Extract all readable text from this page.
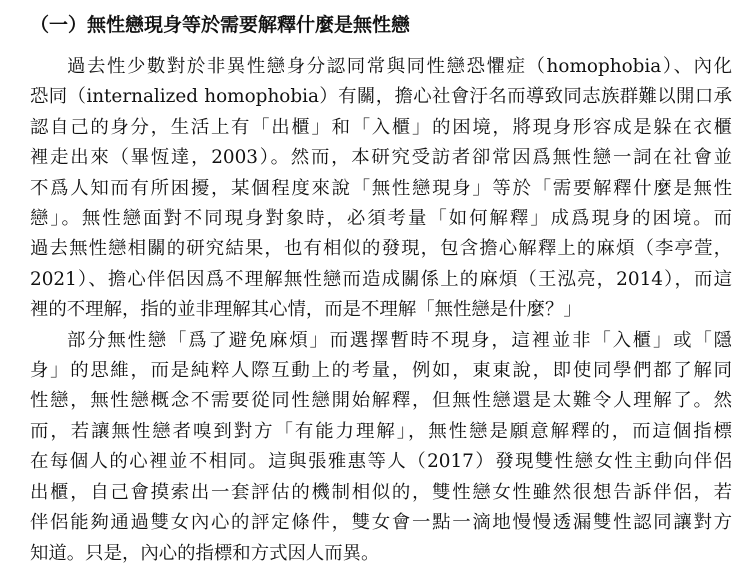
（一）無性戀現身等於需要解釋什麼是無性戀

過去性少數對於非異性戀身分認同常與同性戀恐懼症（homophobia）、內化
恐同（internalized homophobia）有關，擔心社會汙名而導致同志族群難以開口承
認自己的身分，生活上有「出櫃」和「入櫃」的困境，將現身形容成是躲在衣櫃
裡走出來（畢恆達，2003）。然而，本研究受訪者卻常因爲無性戀一詞在社會並
不爲人知而有所困擾，某個程度來說「無性戀現身」等於「需要解釋什麼是無性
戀」。無性戀面對不同現身對象時，必須考量「如何解釋」成爲現身的困境。而
過去無性戀相關的研究結果，也有相似的發現，包含擔心解釋上的麻煩（李亭萱，
2021）、擔心伴侶因爲不理解無性戀而造成關係上的麻煩（王泓亮，2014），而這
裡的不理解，指的並非理解其心情，而是不理解「無性戀是什麼？」

部分無性戀「爲了避免麻煩」而選擇暫時不現身，這裡並非「入櫃」或「隱
身」的思維，而是純粹人際互動上的考量，例如，東東說，即使同學們都了解同
性戀，無性戀概念不需要從同性戀開始解釋，但無性戀還是太難令人理解了。然
而，若讓無性戀者嗅到對方「有能力理解」，無性戀是願意解釋的，而這個指標
在每個人的心裡並不相同。這與張雅惠等人（2017）發現雙性戀女性主動向伴侶
出櫃，自己會摸索出一套評估的機制相似的，雙性戀女性雖然很想告訴伴侶，若
伴侶能夠通過雙女內心的評定條件，雙女會一點一滴地慢慢透漏雙性認同讓對方
知道。只是，內心的指標和方式因人而異。
